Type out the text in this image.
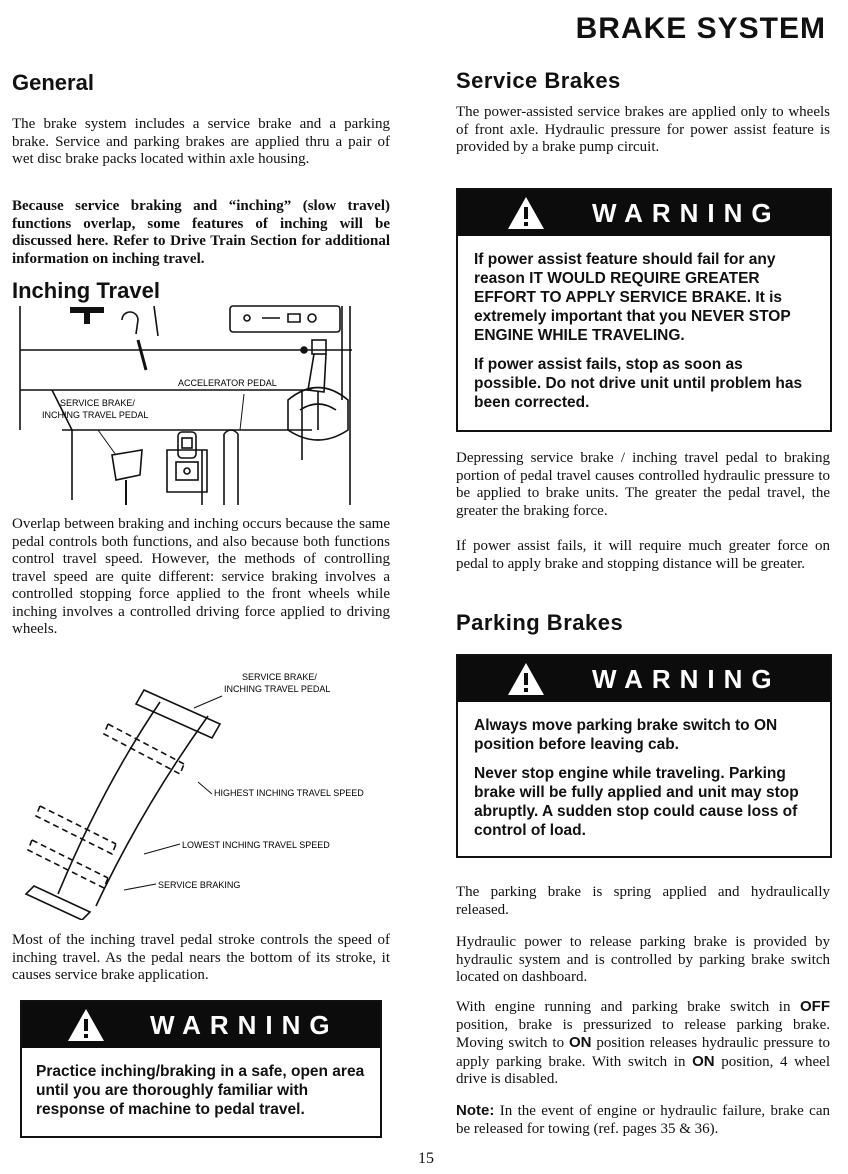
BRAKE SYSTEM
General
The brake system includes a service brake and a parking brake. Service and parking brakes are applied thru a pair of wet disc brake packs located within axle housing.
Because service braking and “inching” (slow travel) functions overlap, some features of inching will be discussed here. Refer to Drive Train Section for additional information on inching travel.
Inching Travel
ACCELERATOR PEDAL
SERVICE BRAKE/
INCHING TRAVEL PEDAL
Overlap between braking and inching occurs because the same pedal controls both functions, and also because both functions control travel speed. However, the methods of controlling travel speed are quite different: service braking involves a controlled stopping force applied to the front wheels while inching involves a controlled driving force applied to driving wheels.
SERVICE BRAKE/
INCHING TRAVEL PEDAL
HIGHEST INCHING TRAVEL SPEED
LOWEST INCHING TRAVEL SPEED
SERVICE BRAKING
Most of the inching travel pedal stroke controls the speed of inching travel. As the pedal nears the bottom of its stroke, it causes service brake application.
WARNING

Practice inching/braking in a safe, open area until you are thoroughly familiar with response of machine to pedal travel.

Service Brakes
The power-assisted service brakes are applied only to wheels of front axle. Hydraulic pressure for power assist feature is provided by a brake pump circuit.
WARNING

If power assist feature should fail for any reason IT WOULD REQUIRE GREATER EFFORT TO APPLY SERVICE BRAKE. It is extremely important that you NEVER STOP ENGINE WHILE TRAVELING.

If power assist fails, stop as soon as possible. Do not drive unit until problem has been corrected.

Depressing service brake / inching travel pedal to braking portion of pedal travel causes controlled hydraulic pressure to be applied to brake units. The greater the pedal travel, the greater the braking force.
If power assist fails, it will require much greater force on pedal to apply brake and stopping distance will be greater.
Parking Brakes
WARNING

Always move parking brake switch to ON position before leaving cab.

Never stop engine while traveling. Parking brake will be fully applied and unit may stop abruptly. A sudden stop could cause loss of control of load.

The parking brake is spring applied and hydraulically released.
Hydraulic power to release parking brake is provided by hydraulic system and is controlled by parking brake switch located on dashboard.
With engine running and parking brake switch in OFF position, brake is pressurized to release parking brake. Moving switch to ON position releases hydraulic pressure to apply parking brake. With switch in ON position, 4 wheel drive is disabled.
Note: In the event of engine or hydraulic failure, brake can be released for towing (ref. pages 35 & 36).
15
